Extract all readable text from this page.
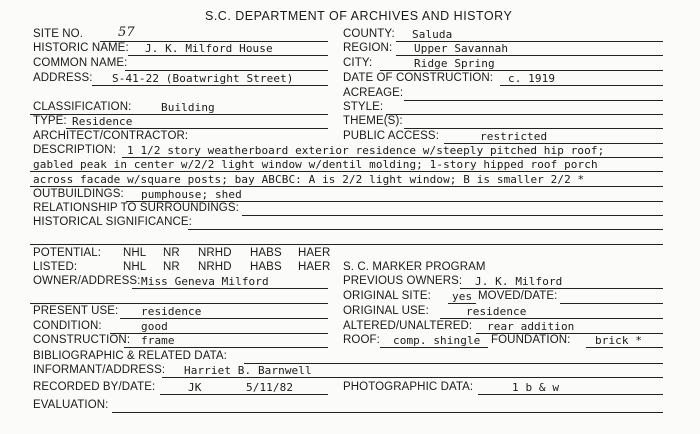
S.C. DEPARTMENT OF ARCHIVES AND HISTORY
SITE NO.	57	COUNTY: Saluda
HISTORIC NAME: J. K. Milford House	REGION: Upper Savannah
COMMON NAME:	CITY:	Ridge Spring
ADDRESS: S-41-22 (Boatwright Street)	DATE OF CONSTRUCTION: c. 1919
ACREAGE:
CLASSIFICATION:	Building	STYLE:
TYPE: Residence	THEME(S):
ARCHITECT/CONTRACTOR:	PUBLIC ACCESS:	restricted
DESCRIPTION: 1 1/2 story weatherboard exterior residence w/steeply pitched hip roof;
gabled peak in center w/2/2 light window w/dentil molding; 1-story hipped roof porch
across facade w/square posts; bay ABCBC: A is 2/2 light window; B is smaller 2/2 *
OUTBUILDINGS: pumphouse; shed
RELATIONSHIP TO SURROUNDINGS:
HISTORICAL SIGNIFICANCE:
POTENTIAL: NHL NR NRHD HABS HAER
LISTED:	NHL NR NRHD HABS HAER S. C. MARKER PROGRAM
OWNER/ADDRESS: Miss Geneva Milford	PREVIOUS OWNERS: J. K. Milford
ORIGINAL SITE: yes MOVED/DATE:
PRESENT USE: residence	ORIGINAL USE:	residence
CONDITION:	good	ALTERED/UNALTERED: rear addition
CONSTRUCTION: frame	ROOF: comp. shingle FOUNDATION: brick *
BIBLIOGRAPHIC & RELATED DATA:
INFORMANT/ADDRESS: Harriet B. Barnwell
RECORDED BY/DATE:	JK	5/11/82	PHOTOGRAPHIC DATA:	1 b & w
EVALUATION:
